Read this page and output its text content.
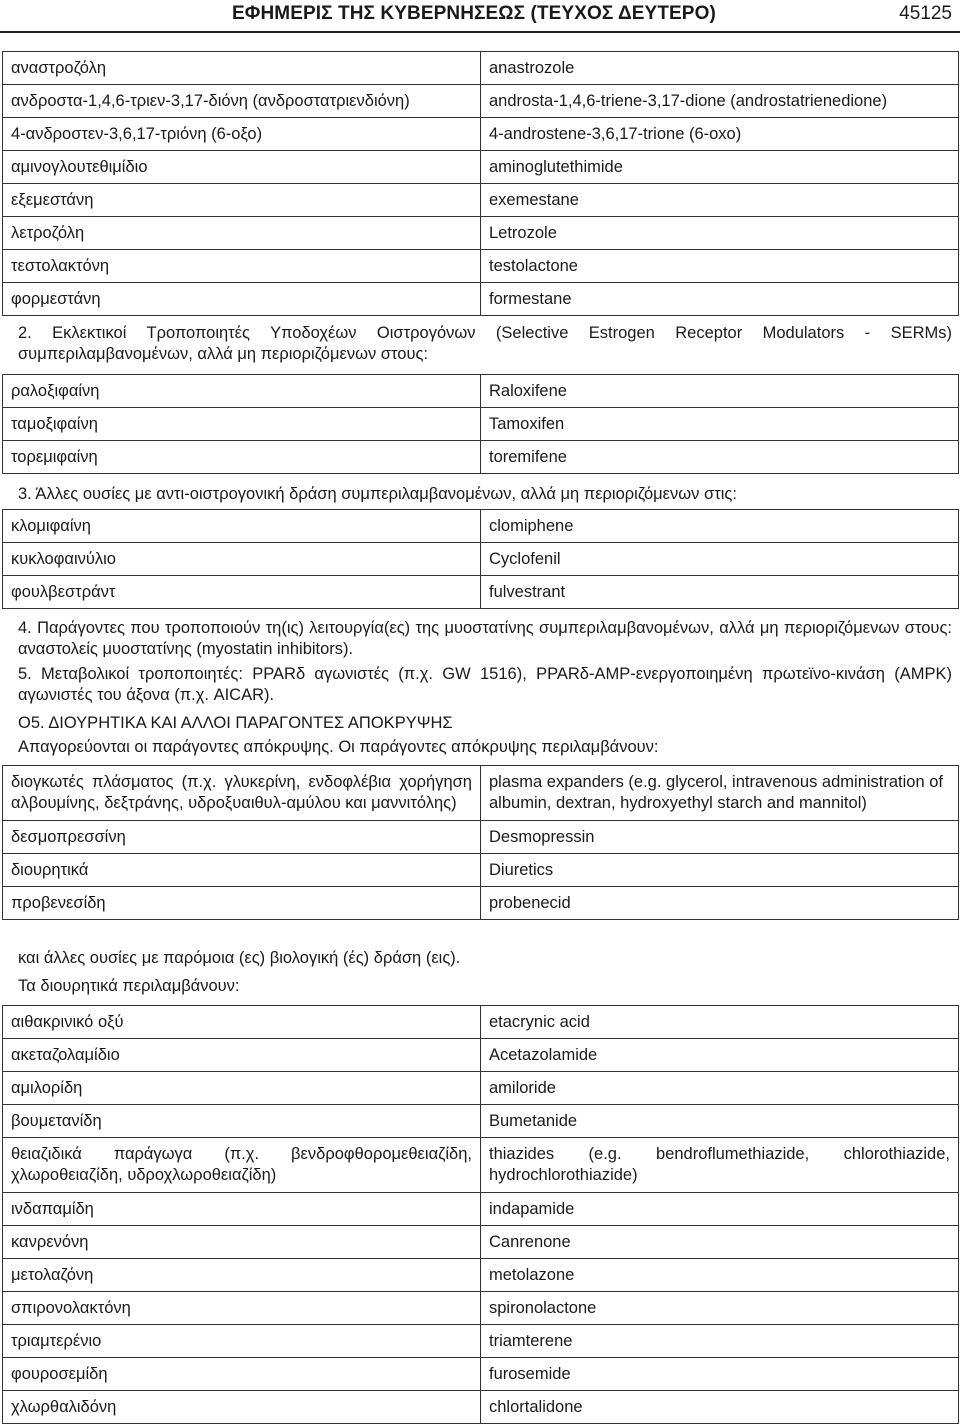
ΕΦΗΜΕΡΙΣ ΤΗΣ ΚΥΒΕΡΝΗΣΕΩΣ (ΤΕΥΧΟΣ ΔΕΥΤΕΡΟ)	45125
αναστροζόλη	anastrozole
ανδροστα-1,4,6-τριεν-3,17-διόνη (ανδροστατριενδιόνη)	androsta-1,4,6-triene-3,17-dione (androstatrienedione)
4-ανδροστεν-3,6,17-τριόνη (6-οξο)	4-androstene-3,6,17-trione (6-oxo)
αμινογλουτεθιμίδιο	aminoglutethimide
εξεμεστάνη	exemestane
λετροζόλη	Letrozole
τεστολακτόνη	testolactone
φορμεστάνη	formestane
2. Εκλεκτικοί Τροποποιητές Υποδοχέων Οιστρογόνων (Selective Estrogen Receptor Modulators - SERMs) συμπεριλαμβανομένων, αλλά μη περιοριζόμενων στους:
ραλοξιφαίνη	Raloxifene
ταμοξιφαίνη	Tamoxifen
τορεμιφαίνη	toremifene
3. Άλλες ουσίες με αντι-οιστρογονική δράση συμπεριλαμβανομένων, αλλά μη περιοριζόμενων στις:
κλομιφαίνη	clomiphene
κυκλοφαινύλιο	Cyclofenil
φουλβεστράντ	fulvestrant
4. Παράγοντες που τροποποιούν τη(ις) λειτουργία(ες) της μυοστατίνης συμπεριλαμβανομένων, αλλά μη περιοριζόμενων στους: αναστολείς μυοστατίνης (myostatin inhibitors).
5. Μεταβολικοί τροποποιητές: PPARδ αγωνιστές (π.χ. GW 1516), PPARδ-AMP-ενεργοποιημένη πρωτεϊνο-κινάση (AMPK) αγωνιστές του άξονα (π.χ. AICAR).
Ο5. ΔΙΟΥΡΗΤΙΚΑ ΚΑΙ ΑΛΛΟΙ ΠΑΡΑΓΟΝΤΕΣ ΑΠΟΚΡΥΨΗΣ
Απαγορεύονται οι παράγοντες απόκρυψης. Οι παράγοντες απόκρυψης περιλαμβάνουν:
διογκωτές πλάσματος (π.χ. γλυκερίνη, ενδοφλέβια χορήγηση αλβουμίνης, δεξτράνης, υδροξυαιθυλ-αμύλου και μαννιτόλης)	plasma expanders (e.g. glycerol, intravenous administration of albumin, dextran, hydroxyethyl starch and mannitol)
δεσμοπρεσσίνη	Desmopressin
διουρητικά	Diuretics
προβενεσίδη	probenecid
και άλλες ουσίες με παρόμοια (ες) βιολογική (ές) δράση (εις).
Τα διουρητικά περιλαμβάνουν:
αιθακρινικό οξύ	etacrynic acid
ακεταζολαμίδιο	Acetazolamide
αμιλορίδη	amiloride
βουμετανίδη	Bumetanide
θειαζιδικά παράγωγα (π.χ. βενδροφθορομεθειαζίδη, χλωροθειαζίδη, υδροχλωροθειαζίδη)	thiazides (e.g. bendroflumethiazide, chlorothiazide, hydrochlorothiazide)
ινδαπαμίδη	indapamide
κανρενόνη	Canrenone
μετολαζόνη	metolazone
σπιρονολακτόνη	spironolactone
τριαμτερένιο	triamterene
φουροσεμίδη	furosemide
χλωρθαλιδόνη	chlortalidone
